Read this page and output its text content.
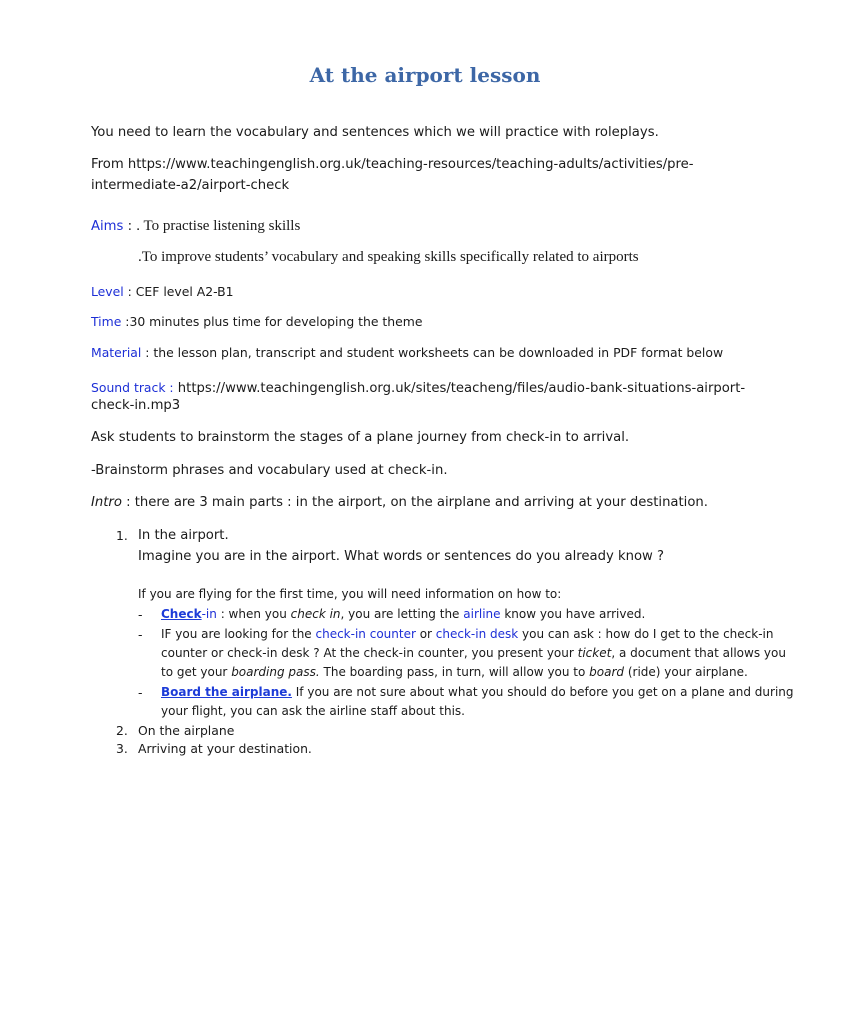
At the airport lesson
You need to learn the vocabulary and sentences which we will practice with roleplays.
From https://www.teachingenglish.org.uk/teaching-resources/teaching-adults/activities/pre-
intermediate-a2/airport-check
Aims : . To practise listening skills
.To improve students’ vocabulary and speaking skills specifically related to airports
Level : CEF level A2-B1
Time :30 minutes plus time for developing the theme
Material : the lesson plan, transcript and student worksheets can be downloaded in PDF format below
Sound track : https://www.teachingenglish.org.uk/sites/teacheng/files/audio-bank-situations-airport-
check-in.mp3
Ask students to brainstorm the stages of a plane journey from check-in to arrival.
-Brainstorm phrases and vocabulary used at check-in.
Intro : there are 3 main parts : in the airport, on the airplane and arriving at your destination.
1. In the airport.
Imagine you are in the airport. What words or sentences do you already know ?
If you are flying for the first time, you will need information on how to:
- Check-in : when you check in, you are letting the airline know you have arrived.
- IF you are looking for the check-in counter or check-in desk you can ask : how do I get to the check-in
counter or check-in desk ? At the check-in counter, you present your ticket, a document that allows you
to get your boarding pass. The boarding pass, in turn, will allow you to board (ride) your airplane.
- Board the airplane. If you are not sure about what you should do before you get on a plane and during
your flight, you can ask the airline staff about this.
2. On the airplane
3. Arriving at your destination.
